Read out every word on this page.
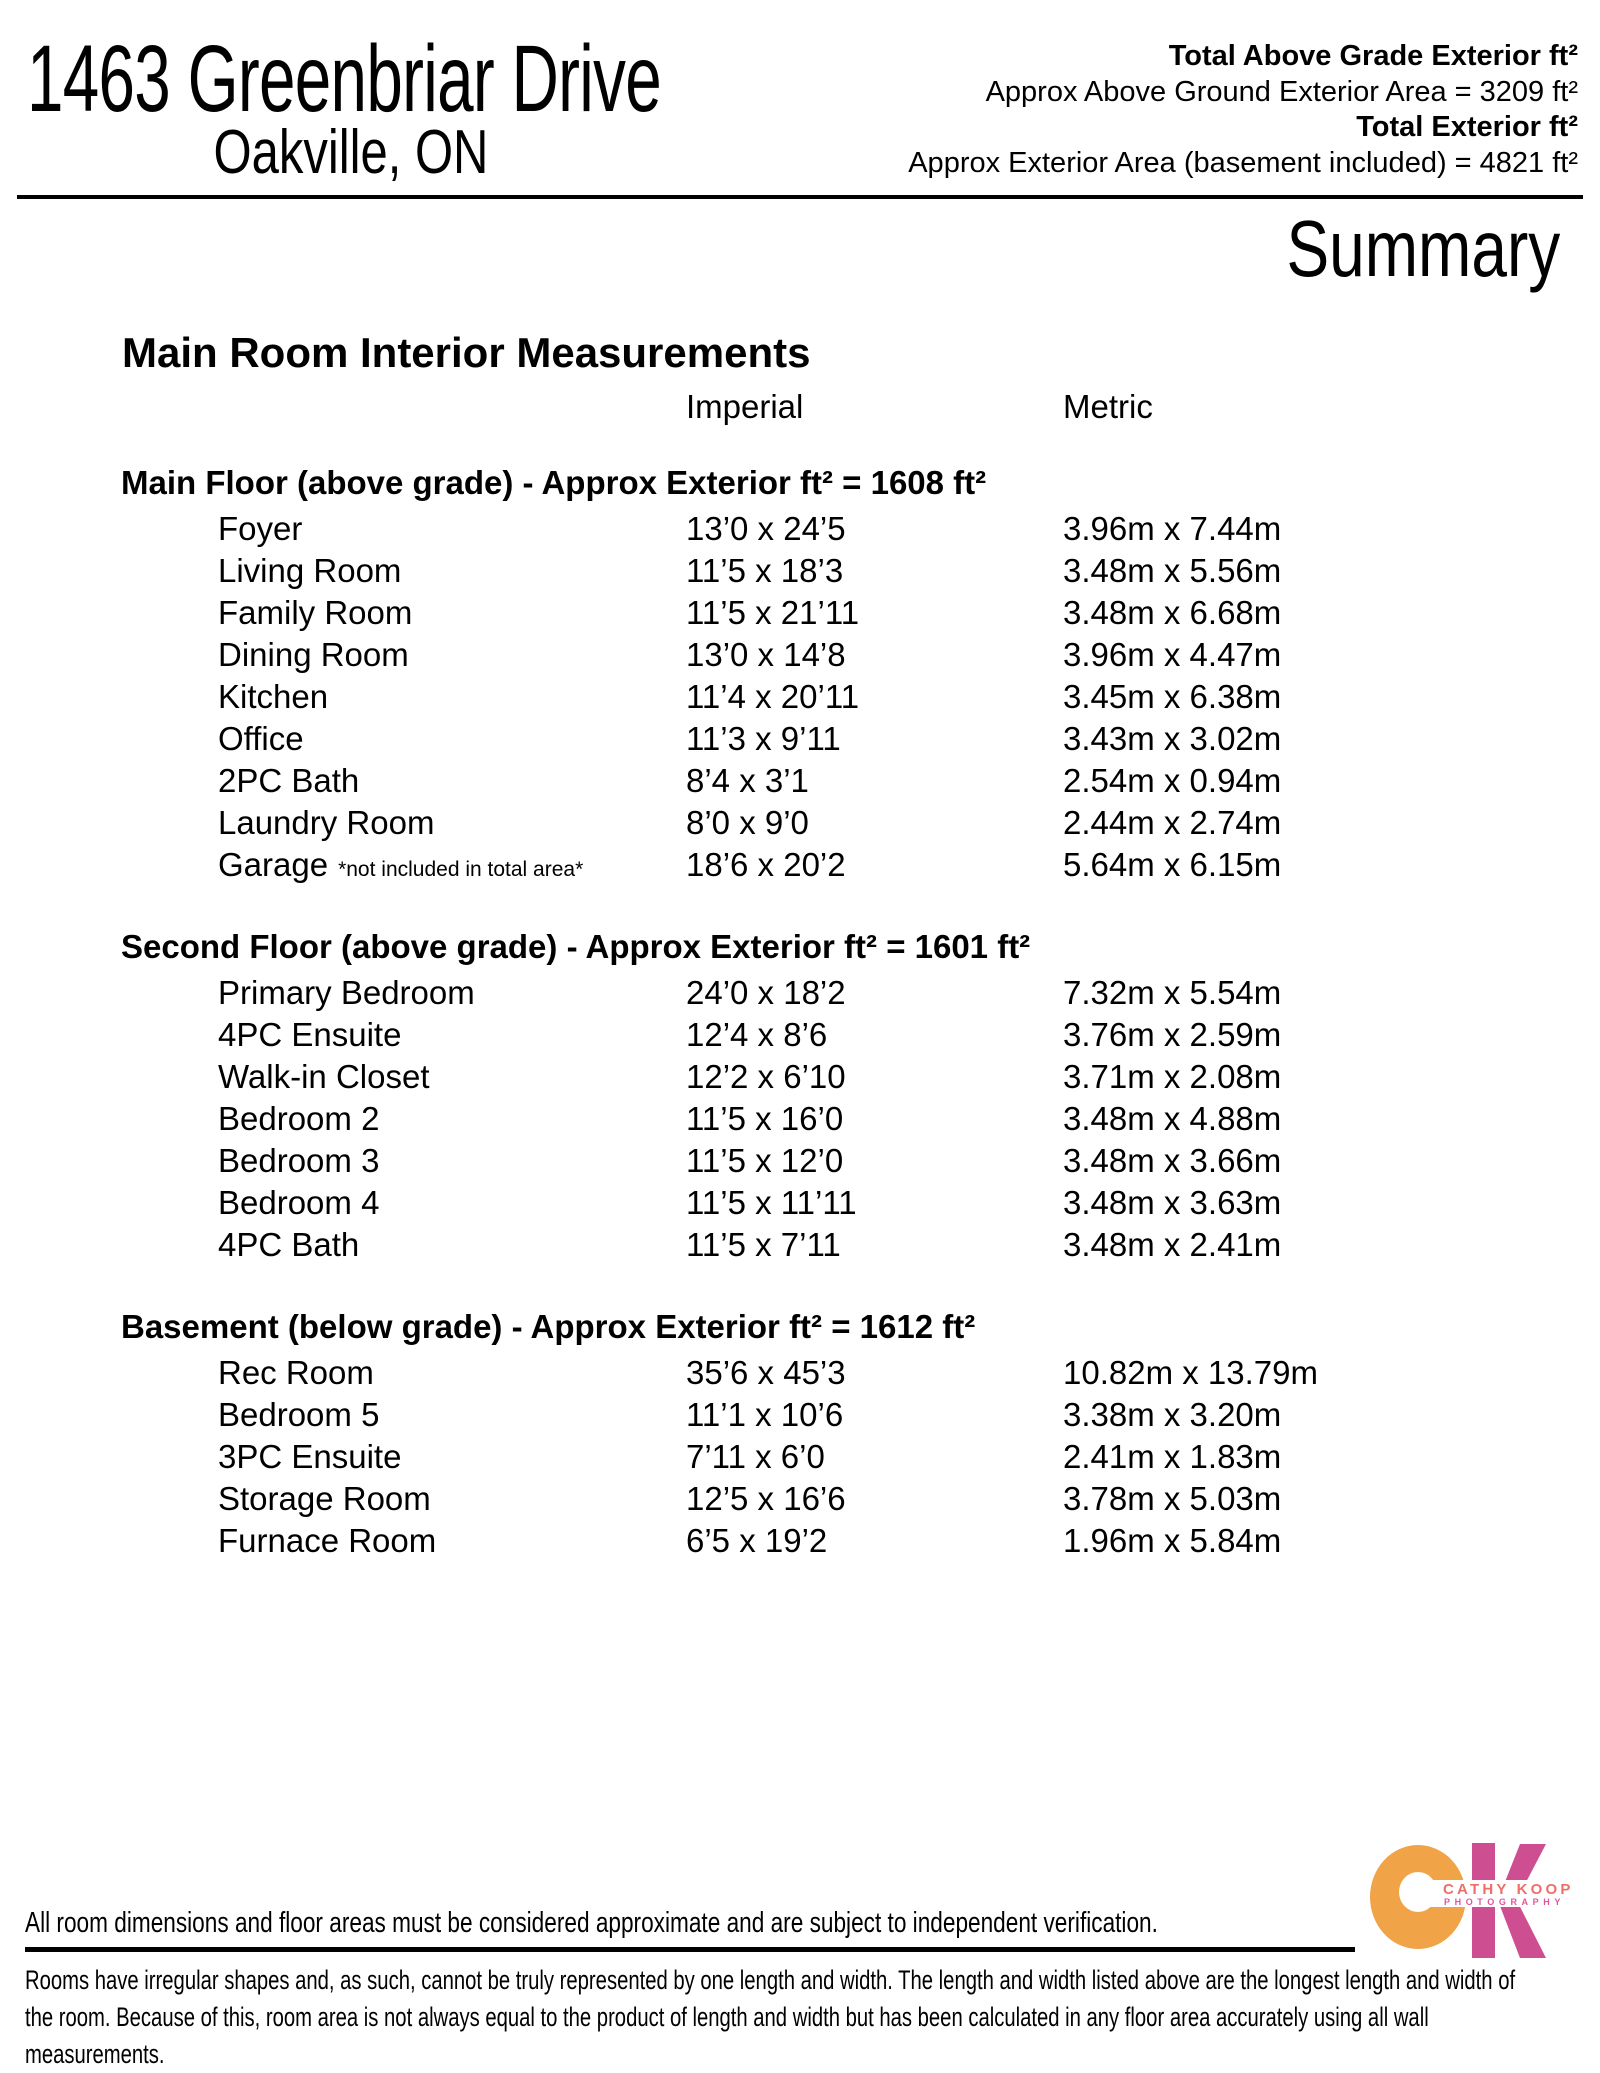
1463 Greenbriar Drive
Oakville, ON
Total Above Grade Exterior ft²
Approx Above Ground Exterior Area = 3209 ft²
Total Exterior ft²
Approx Exterior Area (basement included) = 4821 ft²
Summary
Main Room Interior Measurements
Imperial	Metric
Main Floor (above grade) - Approx Exterior ft² = 1608 ft²
Foyer	13’0 x 24’5	3.96m x 7.44m
Living Room	11’5 x 18’3	3.48m x 5.56m
Family Room	11’5 x 21’11	3.48m x 6.68m
Dining Room	13’0 x 14’8	3.96m x 4.47m
Kitchen	11’4 x 20’11	3.45m x 6.38m
Office	11’3 x 9’11	3.43m x 3.02m
2PC Bath	8’4 x 3’1	2.54m x 0.94m
Laundry Room	8’0 x 9’0	2.44m x 2.74m
Garage *not included in total area*	18’6 x 20’2	5.64m x 6.15m
Second Floor (above grade) - Approx Exterior ft² = 1601 ft²
Primary Bedroom	24’0 x 18’2	7.32m x 5.54m
4PC Ensuite	12’4 x 8’6	3.76m x 2.59m
Walk-in Closet	12’2 x 6’10	3.71m x 2.08m
Bedroom 2	11’5 x 16’0	3.48m x 4.88m
Bedroom 3	11’5 x 12’0	3.48m x 3.66m
Bedroom 4	11’5 x 11’11	3.48m x 3.63m
4PC Bath	11’5 x 7’11	3.48m x 2.41m
Basement (below grade) - Approx Exterior ft² = 1612 ft²
Rec Room	35’6 x 45’3	10.82m x 13.79m
Bedroom 5	11’1 x 10’6	3.38m x 3.20m
3PC Ensuite	7’11 x 6’0	2.41m x 1.83m
Storage Room	12’5 x 16’6	3.78m x 5.03m
Furnace Room	6’5 x 19’2	1.96m x 5.84m
All room dimensions and floor areas must be considered approximate and are subject to independent verification.
Rooms have irregular shapes and, as such, cannot be truly represented by one length and width. The length and width listed above are the longest length and width of the room. Because of this, room area is not always equal to the product of length and width but has been calculated in any floor area accurately using all wall measurements.
CATHY KOOP
PHOTOGRAPHY
